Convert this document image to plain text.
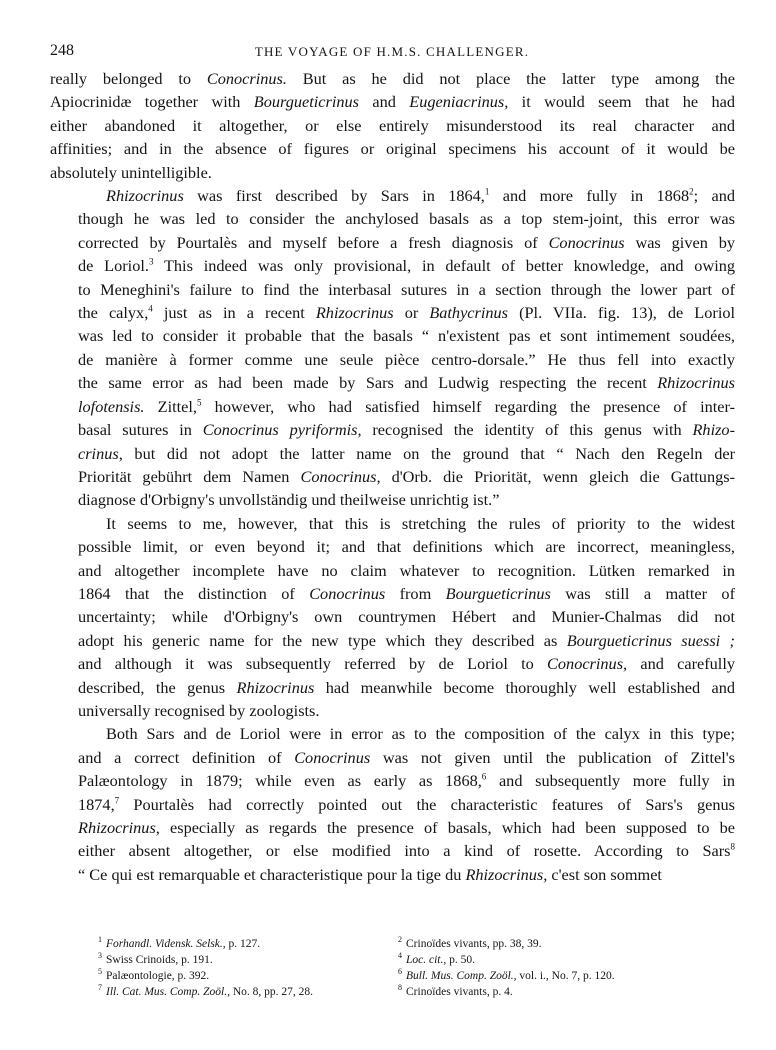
248	THE VOYAGE OF H.M.S. CHALLENGER.
really belonged to Conocrinus. But as he did not place the latter type among the
Apiocrinidæ together with Bourgueticrinus and Eugeniacrinus, it would seem that he had
either abandoned it altogether, or else entirely misunderstood its real character and
affinities; and in the absence of figures or original specimens his account of it would be
absolutely unintelligible.
Rhizocrinus was first described by Sars in 1864,$^1$ and more fully in 1868$^2$; and
though he was led to consider the anchylosed basals as a top stem-joint, this error was
corrected by Pourtalès and myself before a fresh diagnosis of Conocrinus was given by
de Loriol.$^3$ This indeed was only provisional, in default of better knowledge, and owing
to Meneghini's failure to find the interbasal sutures in a section through the lower part of
the calyx,$^4$ just as in a recent Rhizocrinus or Bathycrinus (Pl. VIIa. fig. 13), de Loriol
was led to consider it probable that the basals “ n'existent pas et sont intimement soudées,
de manière à former comme une seule pièce centro-dorsale.” He thus fell into exactly
the same error as had been made by Sars and Ludwig respecting the recent Rhizocrinus
lofotensis. Zittel,$^5$ however, who had satisfied himself regarding the presence of inter-
basal sutures in Conocrinus pyriformis, recognised the identity of this genus with Rhizo-
crinus, but did not adopt the latter name on the ground that “ Nach den Regeln der
Priorität gebührt dem Namen Conocrinus, d'Orb. die Priorität, wenn gleich die Gattungs-
diagnose d'Orbigny's unvollständig und theilweise unrichtig ist.”
It seems to me, however, that this is stretching the rules of priority to the widest
possible limit, or even beyond it; and that definitions which are incorrect, meaningless,
and altogether incomplete have no claim whatever to recognition. Lütken remarked in
1864 that the distinction of Conocrinus from Bourgueticrinus was still a matter of
uncertainty; while d'Orbigny's own countrymen Hébert and Munier-Chalmas did not
adopt his generic name for the new type which they described as Bourgueticrinus suessi ;
and although it was subsequently referred by de Loriol to Conocrinus, and carefully
described, the genus Rhizocrinus had meanwhile become thoroughly well established and
universally recognised by zoologists.
Both Sars and de Loriol were in error as to the composition of the calyx in this type;
and a correct definition of Conocrinus was not given until the publication of Zittel's
Palæontology in 1879; while even as early as 1868,$^6$ and subsequently more fully in
1874,$^7$ Pourtalès had correctly pointed out the characteristic features of Sars's genus
Rhizocrinus, especially as regards the presence of basals, which had been supposed to be
either absent altogether, or else modified into a kind of rosette. According to Sars$^8$
“ Ce qui est remarquable et characteristique pour la tige du Rhizocrinus, c'est son sommet
$^1$ Forhandl. Vidensk. Selsk., p. 127.	$^2$ Crinoïdes vivants, pp. 38, 39.
$^3$ Swiss Crinoids, p. 191.	$^4$ Loc. cit., p. 50.
$^5$ Palæontologie, p. 392.	$^6$ Bull. Mus. Comp. Zoöl., vol. i., No. 7, p. 120.
$^7$ Ill. Cat. Mus. Comp. Zoöl., No. 8, pp. 27, 28.	$^8$ Crinoïdes vivants, p. 4.
